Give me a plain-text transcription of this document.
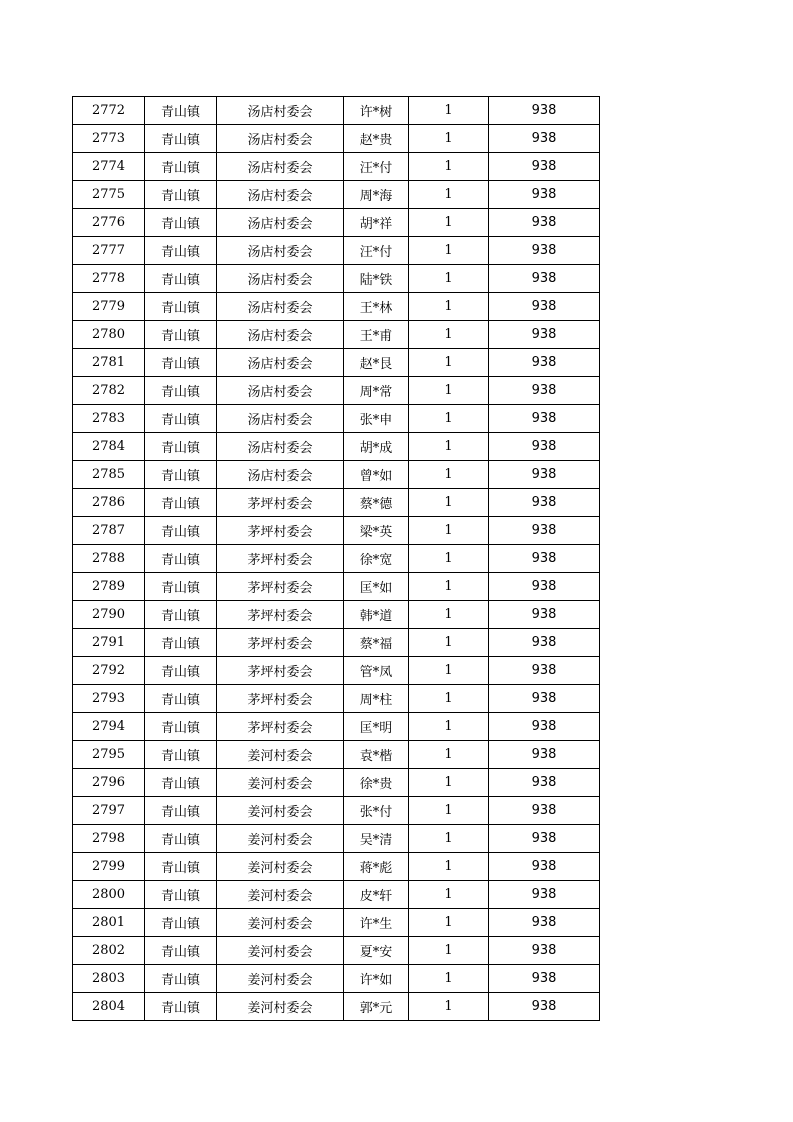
2772	青山镇	汤店村委会	许*树	1	938
2773	青山镇	汤店村委会	赵*贵	1	938
2774	青山镇	汤店村委会	汪*付	1	938
2775	青山镇	汤店村委会	周*海	1	938
2776	青山镇	汤店村委会	胡*祥	1	938
2777	青山镇	汤店村委会	汪*付	1	938
2778	青山镇	汤店村委会	陆*铁	1	938
2779	青山镇	汤店村委会	王*林	1	938
2780	青山镇	汤店村委会	王*甫	1	938
2781	青山镇	汤店村委会	赵*艮	1	938
2782	青山镇	汤店村委会	周*常	1	938
2783	青山镇	汤店村委会	张*申	1	938
2784	青山镇	汤店村委会	胡*成	1	938
2785	青山镇	汤店村委会	曾*如	1	938
2786	青山镇	茅坪村委会	蔡*德	1	938
2787	青山镇	茅坪村委会	梁*英	1	938
2788	青山镇	茅坪村委会	徐*宽	1	938
2789	青山镇	茅坪村委会	匡*如	1	938
2790	青山镇	茅坪村委会	韩*道	1	938
2791	青山镇	茅坪村委会	蔡*福	1	938
2792	青山镇	茅坪村委会	管*凤	1	938
2793	青山镇	茅坪村委会	周*柱	1	938
2794	青山镇	茅坪村委会	匡*明	1	938
2795	青山镇	姜河村委会	袁*楷	1	938
2796	青山镇	姜河村委会	徐*贵	1	938
2797	青山镇	姜河村委会	张*付	1	938
2798	青山镇	姜河村委会	吴*清	1	938
2799	青山镇	姜河村委会	蒋*彪	1	938
2800	青山镇	姜河村委会	皮*轩	1	938
2801	青山镇	姜河村委会	许*生	1	938
2802	青山镇	姜河村委会	夏*安	1	938
2803	青山镇	姜河村委会	许*如	1	938
2804	青山镇	姜河村委会	郭*元	1	938
